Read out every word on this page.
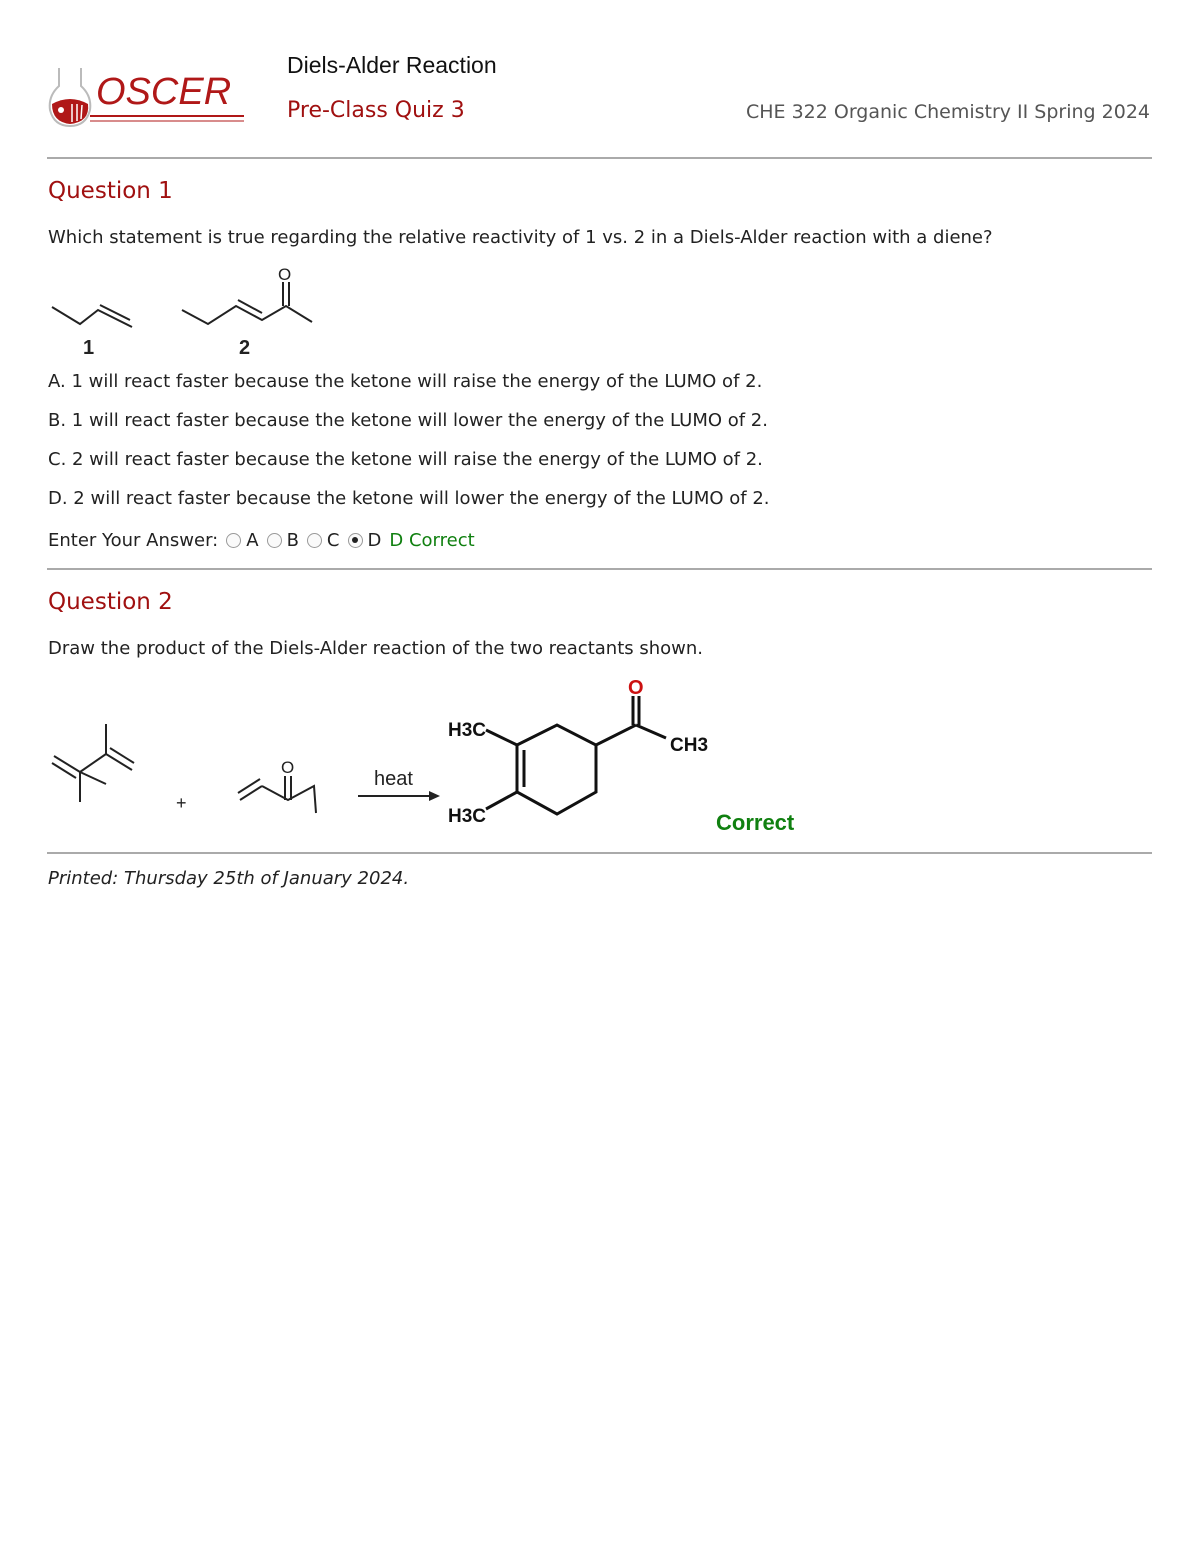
OSCER
Diels-Alder Reaction
Pre-Class Quiz 3	CHE 322 Organic Chemistry II Spring 2024
Question 1
Which statement is true regarding the relative reactivity of 1 vs. 2 in a Diels-Alder reaction with a diene?
1
O
2
A. 1 will react faster because the ketone will raise the energy of the LUMO of 2.
B. 1 will react faster because the ketone will lower the energy of the LUMO of 2.
C. 2 will react faster because the ketone will raise the energy of the LUMO of 2.
D. 2 will react faster because the ketone will lower the energy of the LUMO of 2.
Enter Your Answer: A B C D D Correct
Question 2
Draw the product of the Diels-Alder reaction of the two reactants shown.
+
O
heat
O
H3C
H3C
CH3
Correct
Printed: Thursday 25th of January 2024.
